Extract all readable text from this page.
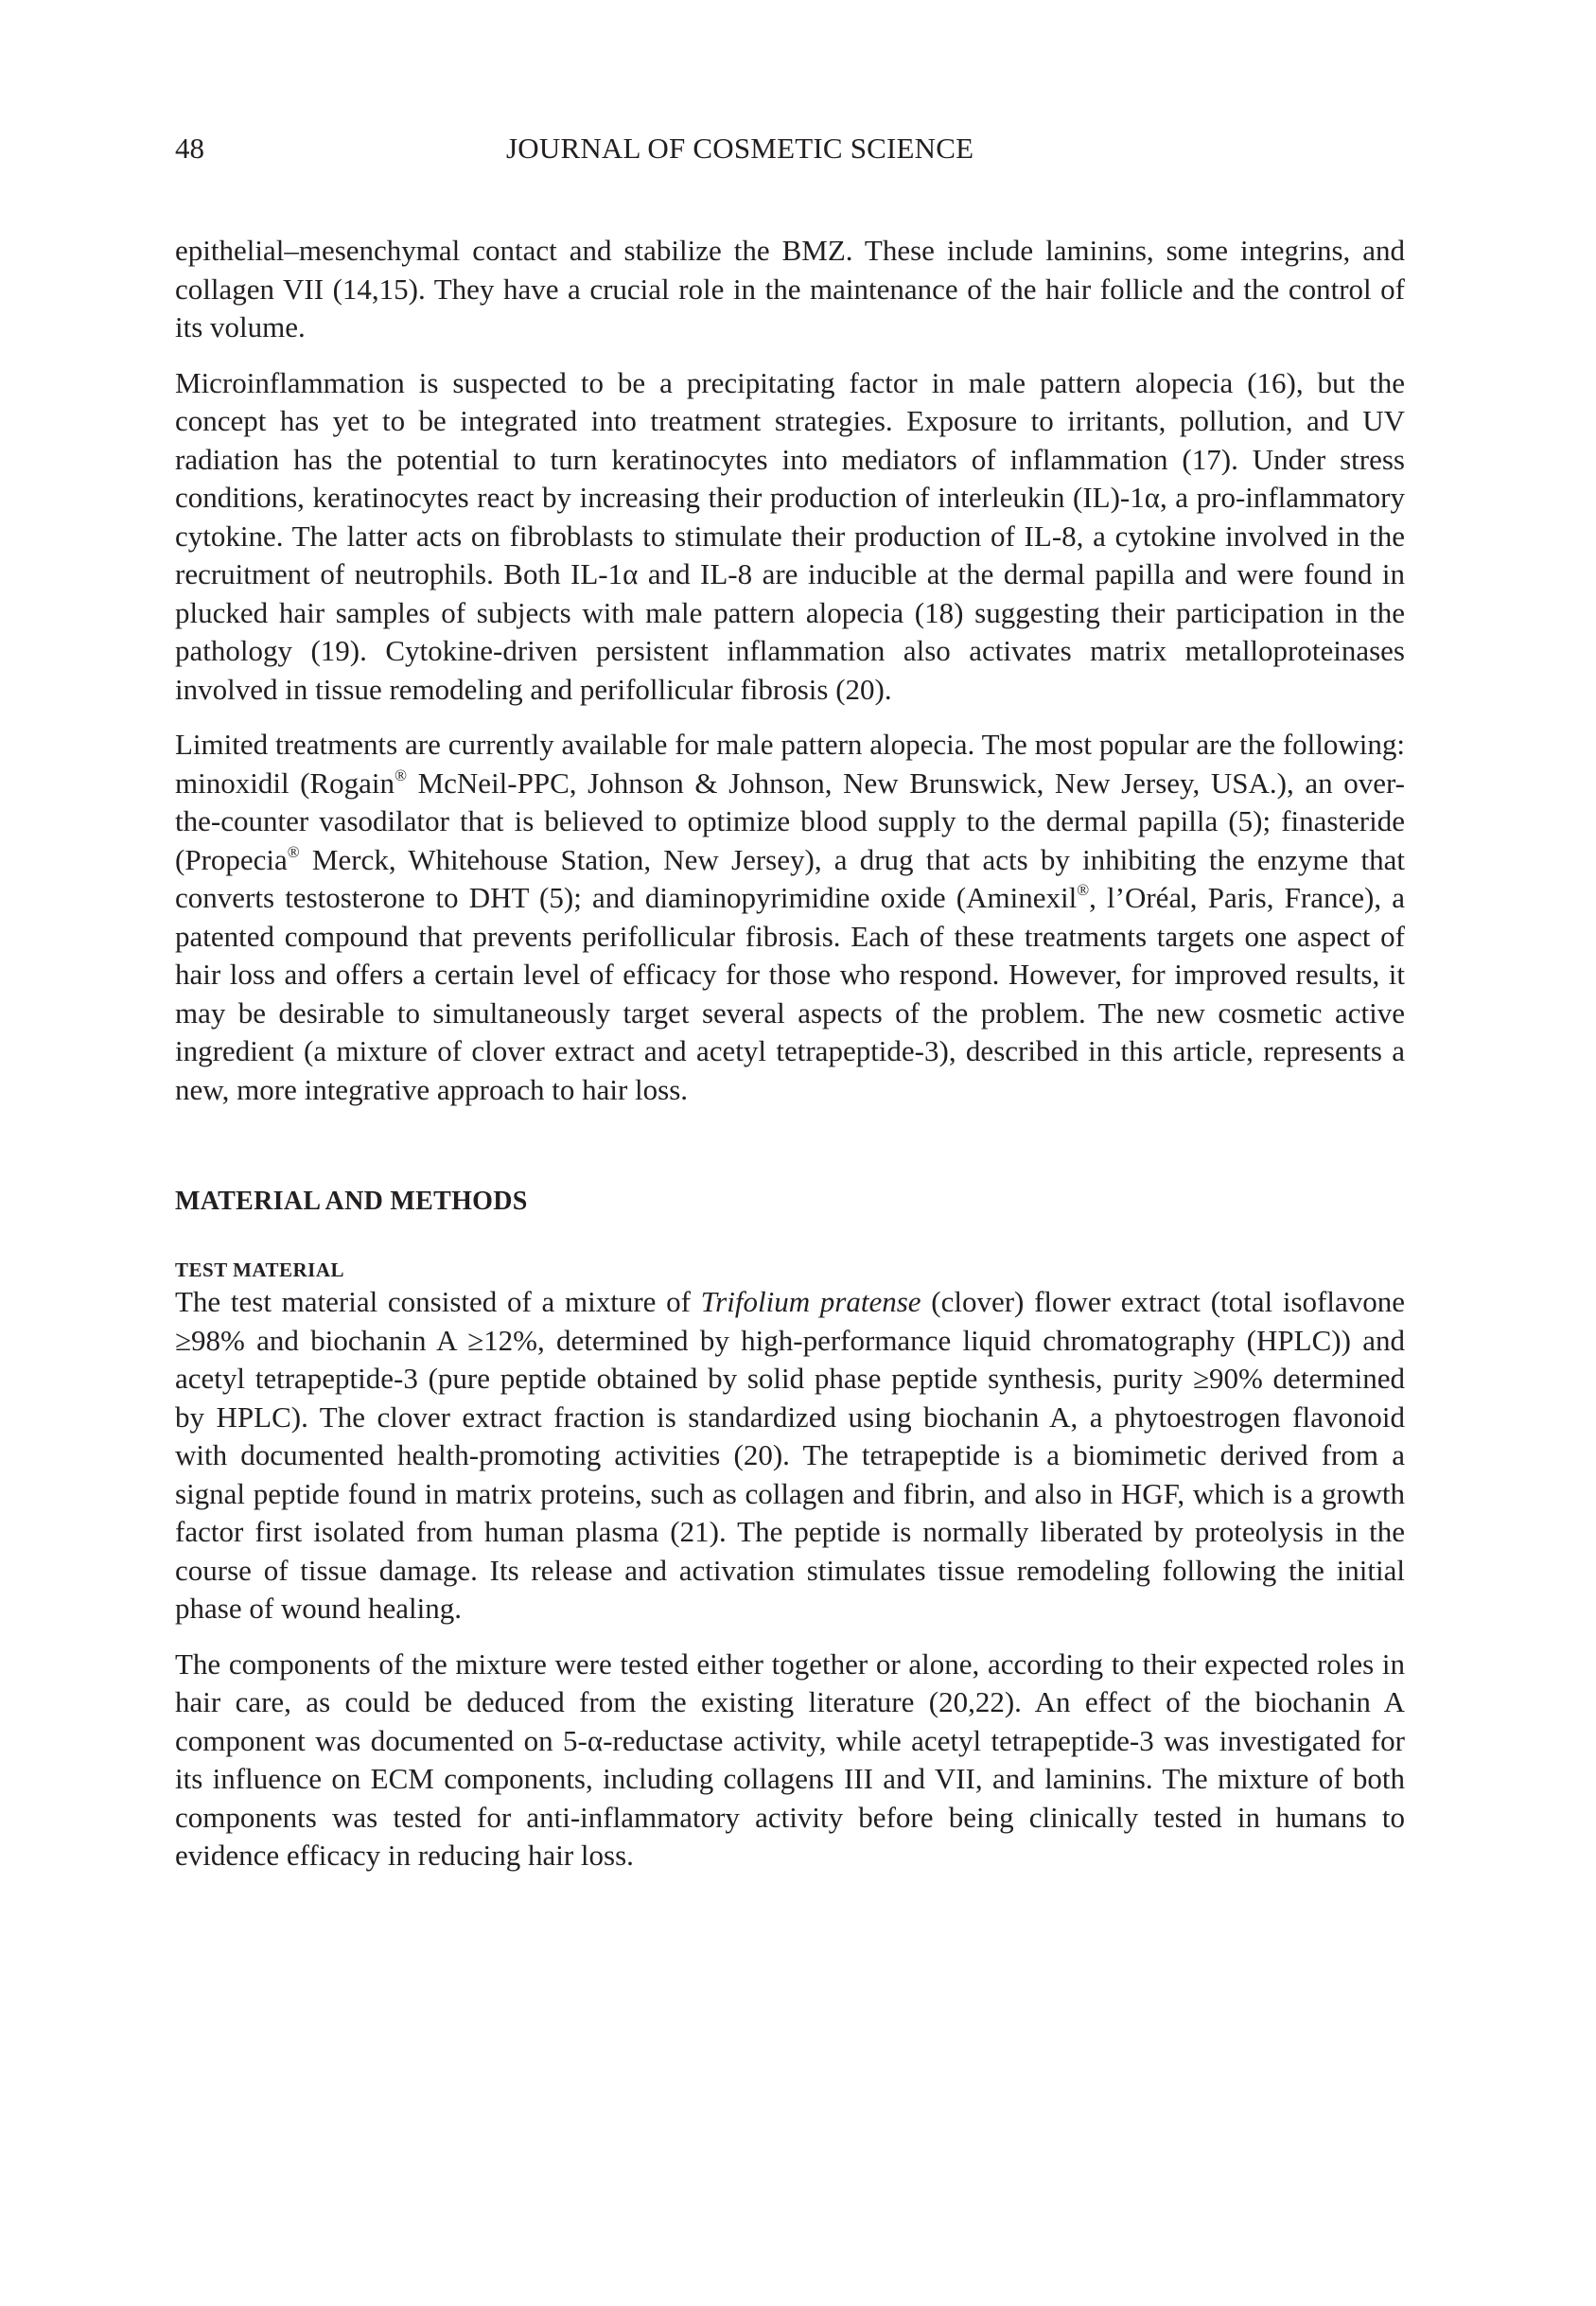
48	JOURNAL OF COSMETIC SCIENCE

epithelial–mesenchymal contact and stabilize the BMZ. These include laminins, some integrins, and collagen VII (14,15). They have a crucial role in the maintenance of the hair follicle and the control of its volume.

Microinflammation is suspected to be a precipitating factor in male pattern alopecia (16), but the concept has yet to be integrated into treatment strategies. Exposure to irritants, pollution, and UV radiation has the potential to turn keratinocytes into mediators of inflammation (17). Under stress conditions, keratinocytes react by increasing their production of interleukin (IL)-1α, a pro-inflammatory cytokine. The latter acts on fibroblasts to stimulate their production of IL-8, a cytokine involved in the recruitment of neutrophils. Both IL-1α and IL-8 are inducible at the dermal papilla and were found in plucked hair samples of subjects with male pattern alopecia (18) suggesting their participation in the pathology (19). Cytokine-driven persistent inflammation also activates matrix metalloproteinases involved in tissue remodeling and perifollicular fibrosis (20).

Limited treatments are currently available for male pattern alopecia. The most popular are the following: minoxidil (Rogain® McNeil-PPC, Johnson & Johnson, New Brunswick, New Jersey, USA.), an over-the-counter vasodilator that is believed to optimize blood supply to the dermal papilla (5); finasteride (Propecia® Merck, Whitehouse Station, New Jersey), a drug that acts by inhibiting the enzyme that converts testosterone to DHT (5); and diaminopyrimidine oxide (Aminexil®, l’Oréal, Paris, France), a patented compound that prevents perifollicular fibrosis. Each of these treatments targets one aspect of hair loss and offers a certain level of efficacy for those who respond. However, for improved results, it may be desirable to simultaneously target several aspects of the problem. The new cosmetic active ingredient (a mixture of clover extract and acetyl tetrapeptide-3), described in this article, represents a new, more integrative approach to hair loss.

MATERIAL AND METHODS
TEST MATERIAL

The test material consisted of a mixture of Trifolium pratense (clover) flower extract (total isoflavone ≥98% and biochanin A ≥12%, determined by high-performance liquid chromatography (HPLC)) and acetyl tetrapeptide-3 (pure peptide obtained by solid phase peptide synthesis, purity ≥90% determined by HPLC). The clover extract fraction is standardized using biochanin A, a phytoestrogen flavonoid with documented health-promoting activities (20). The tetrapeptide is a biomimetic derived from a signal peptide found in matrix proteins, such as collagen and fibrin, and also in HGF, which is a growth factor first isolated from human plasma (21). The peptide is normally liberated by proteolysis in the course of tissue damage. Its release and activation stimulates tissue remodeling following the initial phase of wound healing.

The components of the mixture were tested either together or alone, according to their expected roles in hair care, as could be deduced from the existing literature (20,22). An effect of the biochanin A component was documented on 5-α-reductase activity, while acetyl tetrapeptide-3 was investigated for its influence on ECM components, including collagens III and VII, and laminins. The mixture of both components was tested for anti-inflammatory activity before being clinically tested in humans to evidence efficacy in reducing hair loss.
